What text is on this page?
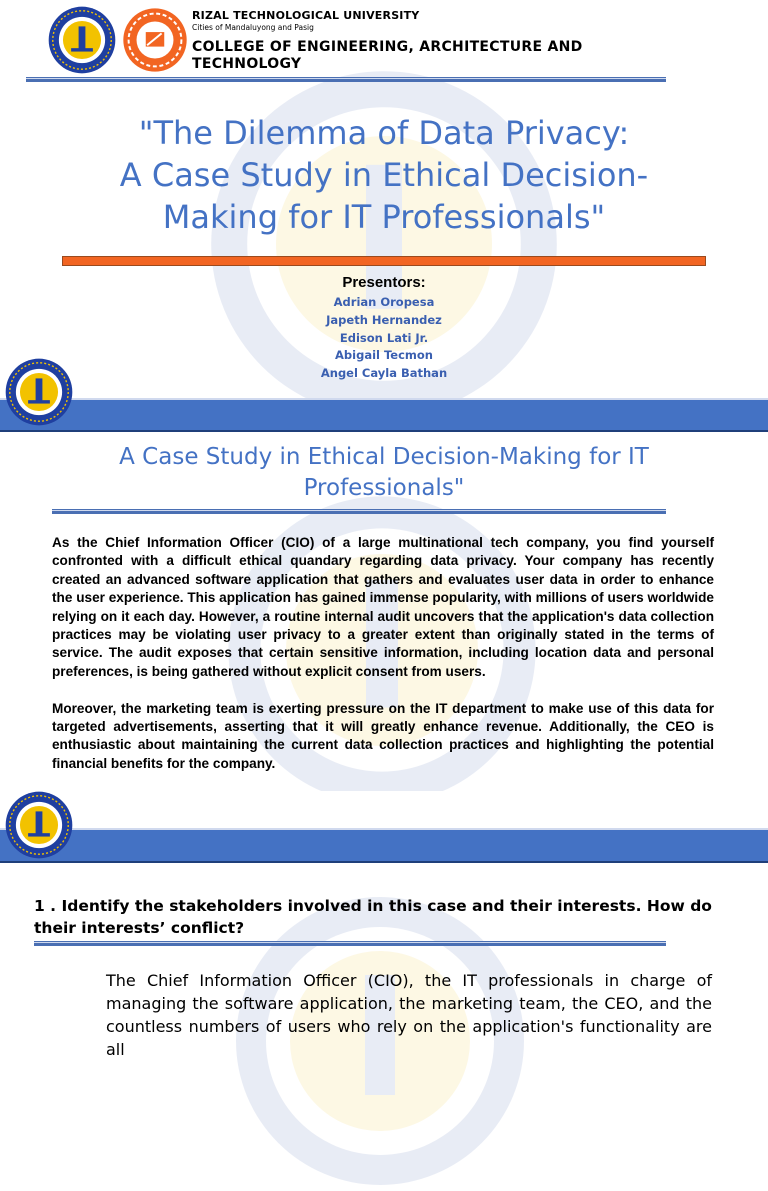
RIZAL TECHNOLOGICAL UNIVERSITY
Cities of Mandaluyong and Pasig
COLLEGE OF ENGINEERING, ARCHITECTURE AND TECHNOLOGY
"The Dilemma of Data Privacy:
A Case Study in Ethical Decision-
Making for IT Professionals"
Presentors:
Adrian Oropesa
Japeth Hernandez
Edison Lati Jr.
Abigail Tecmon
Angel Cayla Bathan
A Case Study in Ethical Decision-Making for IT Professionals"

As the Chief Information Officer (CIO) of a large multinational tech company, you find yourself confronted with a difficult ethical quandary regarding data privacy. Your company has recently created an advanced software application that gathers and evaluates user data in order to enhance the user experience. This application has gained immense popularity, with millions of users worldwide relying on it each day. However, a routine internal audit uncovers that the application's data collection practices may be violating user privacy to a greater extent than originally stated in the terms of service. The audit exposes that certain sensitive information, including location data and personal preferences, is being gathered without explicit consent from users.

Moreover, the marketing team is exerting pressure on the IT department to make use of this data for targeted advertisements, asserting that it will greatly enhance revenue. Additionally, the CEO is enthusiastic about maintaining the current data collection practices and highlighting the potential financial benefits for the company.

1 . Identify the stakeholders involved in this case and their interests. How do their interests’ conflict?
The Chief Information Officer (CIO), the IT professionals in charge of managing the software application, the marketing team, the CEO, and the countless numbers of users who rely on the application's functionality are all
